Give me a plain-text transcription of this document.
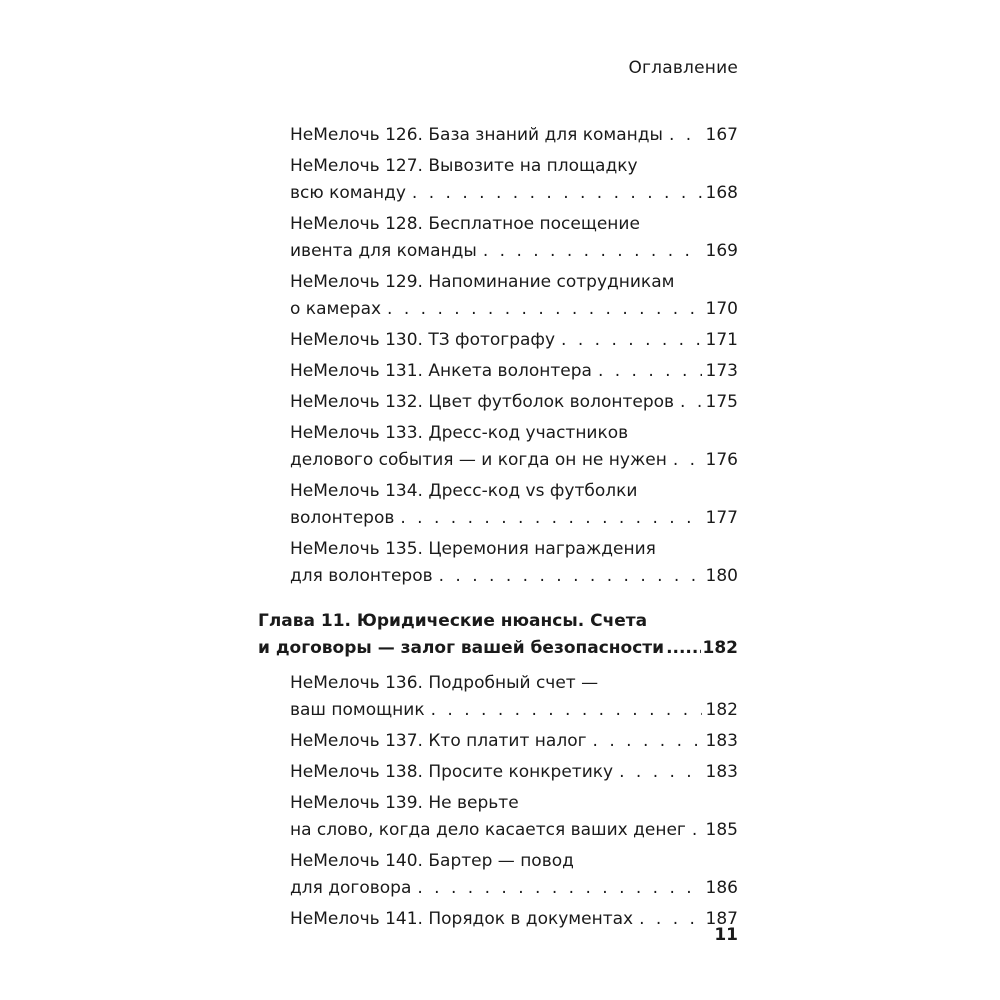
Оглавление
НеМелочь 126. База знаний для команды . . .	167
НеМелочь 127. Вывозите на площадку
всю команду . . .	168
НеМелочь 128. Бесплатное посещение
ивента для команды . . .	169
НеМелочь 129. Напоминание сотрудникам
о камерах . . .	170
НеМелочь 130. ТЗ фотографу . . .	171
НеМелочь 131. Анкета волонтера . . .	173
НеМелочь 132. Цвет футболок волонтеров . . . 175
НеМелочь 133. Дресс-код участников
делового события — и когда он не нужен . . . 176
НеМелочь 134. Дресс-код vs футболки
волонтеров . . .	177
НеМелочь 135. Церемония награждения
для волонтеров . . .	180
Глава 11. Юридические нюансы. Счета
и договоры — залог вашей безопасности ..... 182
НеМелочь 136. Подробный счет —
ваш помощник . . .	182
НеМелочь 137. Кто платит налог . . .	183
НеМелочь 138. Просите конкретику . . .	183
НеМелочь 139. Не верьте
на слово, когда дело касается ваших денег . . . 185
НеМелочь 140. Бартер — повод
для договора . . .	186
НеМелочь 141. Порядок в документах . . .	187
11
